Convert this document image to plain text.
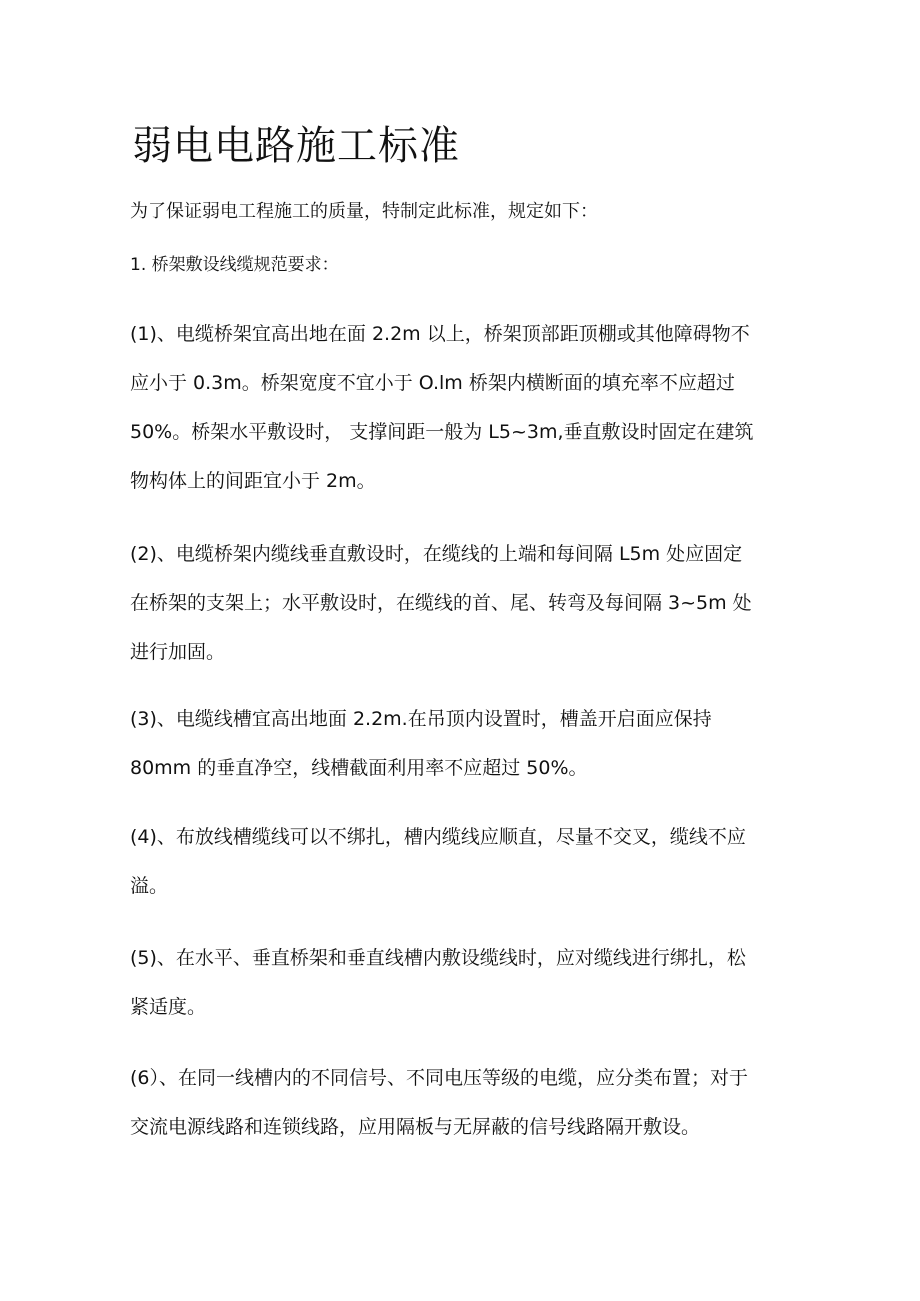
弱电电路施工标准

为了保证弱电工程施工的质量，特制定此标准，规定如下：

1. 桥架敷设线缆规范要求：

(1)、电缆桥架宜高出地在面 2.2m 以上，桥架顶部距顶棚或其他障碍物不
应小于 0.3m。桥架宽度不宜小于 O.lm 桥架内横断面的填充率不应超过
50%。桥架水平敷设时， 支撑间距一般为 L5~3m,垂直敷设时固定在建筑
物构体上的间距宜小于 2m。
(2)、电缆桥架内缆线垂直敷设时，在缆线的上端和每间隔 L5m 处应固定
在桥架的支架上；水平敷设时，在缆线的首、尾、转弯及每间隔 3~5m 处
进行加固。
(3)、电缆线槽宜高出地面 2.2m.在吊顶内设置时，槽盖开启面应保持
80mm 的垂直净空，线槽截面利用率不应超过 50%。
(4)、布放线槽缆线可以不绑扎，槽内缆线应顺直，尽量不交叉，缆线不应
溢。
(5)、在水平、垂直桥架和垂直线槽内敷设缆线时，应对缆线进行绑扎，松
紧适度。
(6）、在同一线槽内的不同信号、不同电压等级的电缆，应分类布置；对于
交流电源线路和连锁线路，应用隔板与无屏蔽的信号线路隔开敷设。
